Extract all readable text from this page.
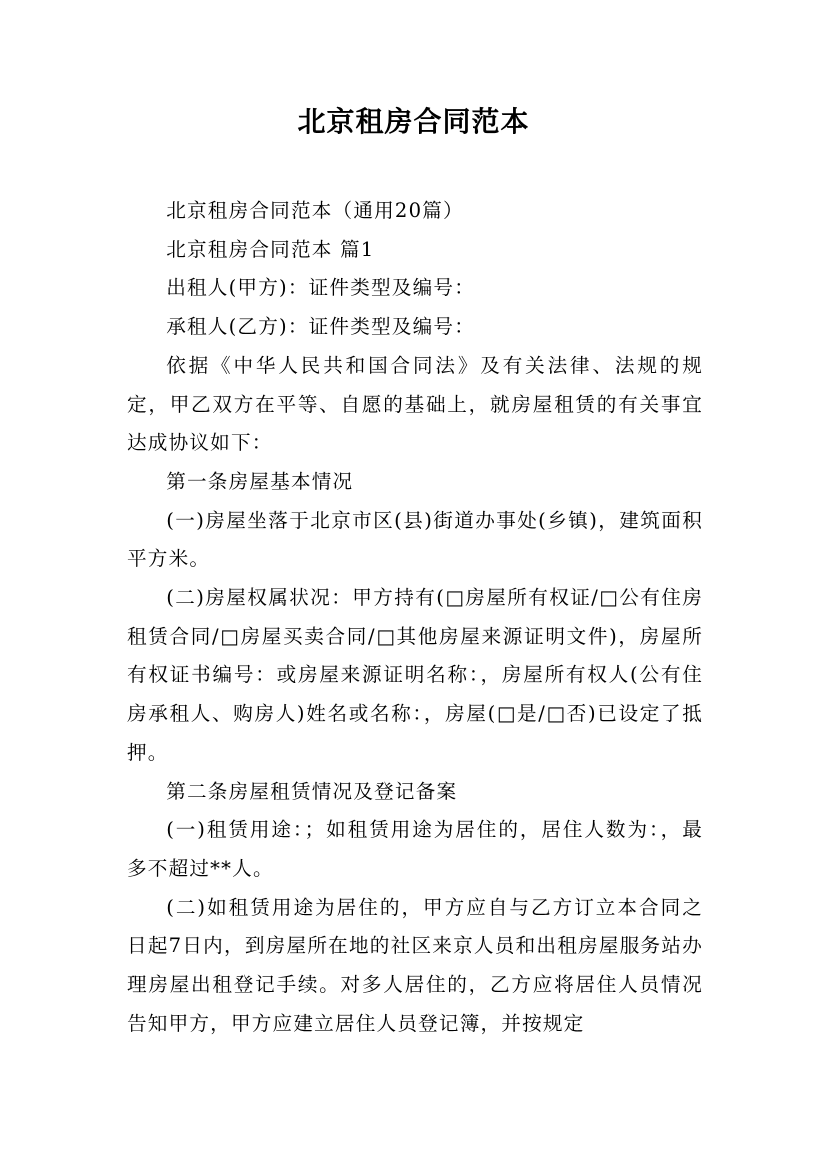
北京租房合同范本

北京租房合同范本（通用20篇）

北京租房合同范本 篇1

出租人(甲方)：证件类型及编号：

承租人(乙方)：证件类型及编号：

依据《中华人民共和国合同法》及有关法律、法规的规定，甲乙双方在平等、自愿的基础上，就房屋租赁的有关事宜达成协议如下：

第一条房屋基本情况

(一)房屋坐落于北京市区(县)街道办事处(乡镇)，建筑面积平方米。

(二)房屋权属状况：甲方持有(□房屋所有权证/□公有住房租赁合同/□房屋买卖合同/□其他房屋来源证明文件)，房屋所有权证书编号：或房屋来源证明名称：，房屋所有权人(公有住房承租人、购房人)姓名或名称：，房屋(□是/□否)已设定了抵押。

第二条房屋租赁情况及登记备案

(一)租赁用途：；如租赁用途为居住的，居住人数为：，最多不超过**人。

(二)如租赁用途为居住的，甲方应自与乙方订立本合同之日起7日内，到房屋所在地的社区来京人员和出租房屋服务站办理房屋出租登记手续。对多人居住的，乙方应将居住人员情况告知甲方，甲方应建立居住人员登记簿，并按规定
